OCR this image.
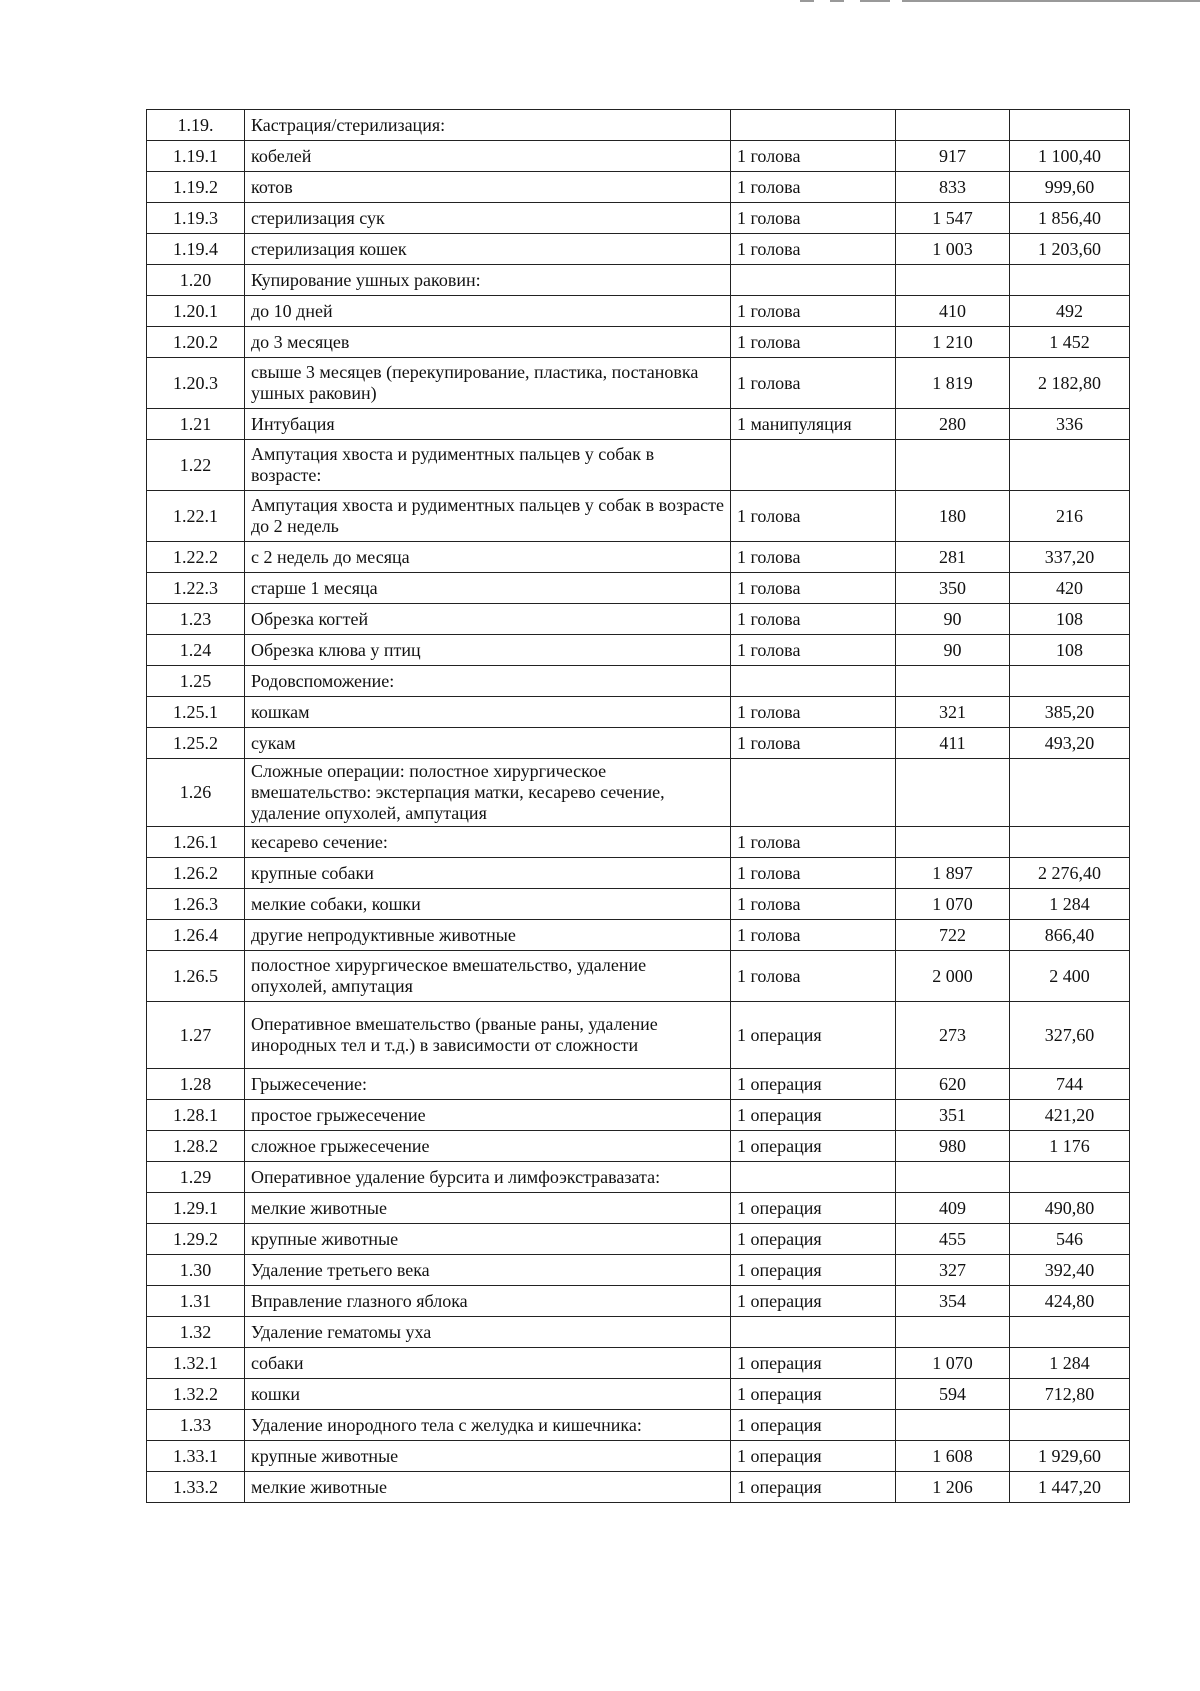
1.19.	Кастрация/стерилизация:			
1.19.1	кобелей	1 голова	917	1 100,40
1.19.2	котов	1 голова	833	999,60
1.19.3	стерилизация сук	1 голова	1 547	1 856,40
1.19.4	стерилизация кошек	1 голова	1 003	1 203,60
1.20	Купирование ушных раковин:			
1.20.1	до 10 дней	1 голова	410	492
1.20.2	до 3 месяцев	1 голова	1 210	1 452
1.20.3	свыше 3 месяцев (перекупирование, пластика, постановка ушных раковин)	1 голова	1 819	2 182,80
1.21	Интубация	1 манипуляция	280	336
1.22	Ампутация хвоста и рудиментных пальцев у собак в возрасте:			
1.22.1	Ампутация хвоста и рудиментных пальцев у собак в возрасте до 2 недель	1 голова	180	216
1.22.2	с 2 недель до месяца	1 голова	281	337,20
1.22.3	старше 1 месяца	1 голова	350	420
1.23	Обрезка когтей	1 голова	90	108
1.24	Обрезка клюва у птиц	1 голова	90	108
1.25	Родовспоможение:			
1.25.1	кошкам	1 голова	321	385,20
1.25.2	сукам	1 голова	411	493,20
1.26	Сложные операции: полостное хирургическое вмешательство: экстерпация матки, кесарево сечение, удаление опухолей, ампутация			
1.26.1	кесарево сечение:	1 голова		
1.26.2	крупные собаки	1 голова	1 897	2 276,40
1.26.3	мелкие собаки, кошки	1 голова	1 070	1 284
1.26.4	другие непродуктивные животные	1 голова	722	866,40
1.26.5	полостное хирургическое вмешательство, удаление опухолей, ампутация	1 голова	2 000	2 400
1.27	Оперативное вмешательство (рваные раны, удаление инородных тел и т.д.) в зависимости от сложности	1 операция	273	327,60
1.28	Грыжесечение:	1 операция	620	744
1.28.1	простое грыжесечение	1 операция	351	421,20
1.28.2	сложное грыжесечение	1 операция	980	1 176
1.29	Оперативное удаление бурсита и лимфоэкстравазата:			
1.29.1	мелкие животные	1 операция	409	490,80
1.29.2	крупные животные	1 операция	455	546
1.30	Удаление третьего века	1 операция	327	392,40
1.31	Вправление глазного яблока	1 операция	354	424,80
1.32	Удаление гематомы уха			
1.32.1	собаки	1 операция	1 070	1 284
1.32.2	кошки	1 операция	594	712,80
1.33	Удаление инородного тела с желудка и кишечника:	1 операция		
1.33.1	крупные животные	1 операция	1 608	1 929,60
1.33.2	мелкие животные	1 операция	1 206	1 447,20
